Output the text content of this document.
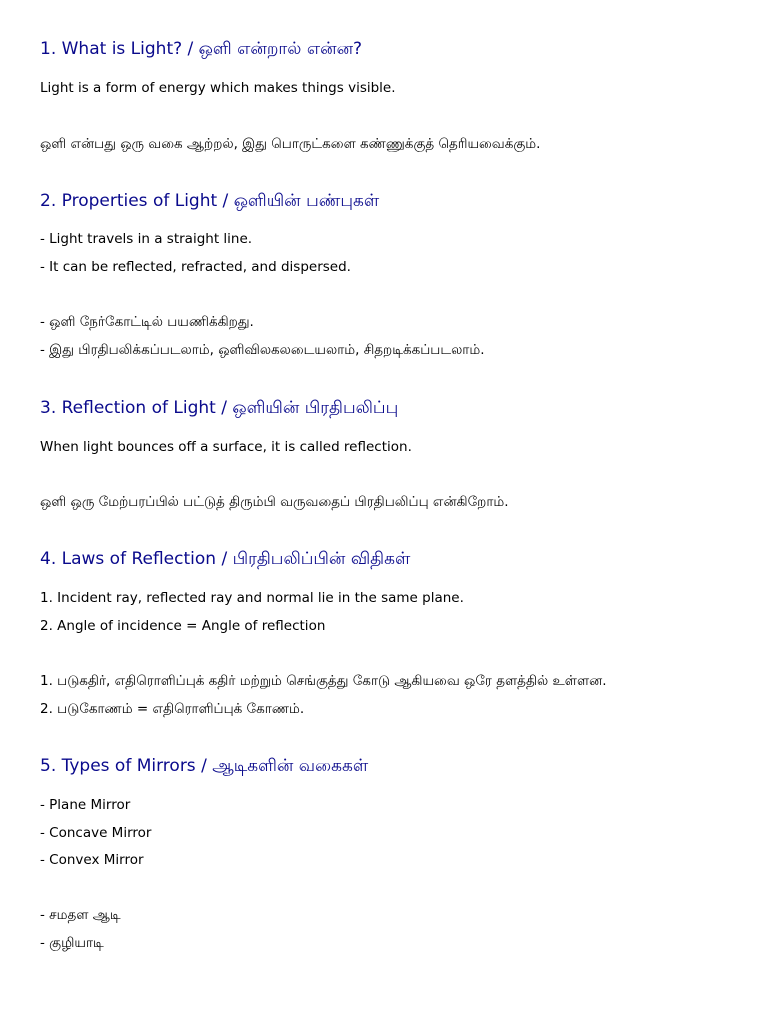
1. What is Light? / ஒளி என்றால் என்ன?

Light is a form of energy which makes things visible.

ஒளி என்பது ஒரு வகை ஆற்றல், இது பொருட்களை கண்ணுக்குத் தெரியவைக்கும்.

2. Properties of Light / ஒளியின் பண்புகள்

- Light travels in a straight line.

- It can be reflected, refracted, and dispersed.

- ஒளி நேர்கோட்டில் பயணிக்கிறது.

- இது பிரதிபலிக்கப்படலாம், ஒளிவிலகலடையலாம், சிதறடிக்கப்படலாம்.

3. Reflection of Light / ஒளியின் பிரதிபலிப்பு

When light bounces off a surface, it is called reflection.

ஒளி ஒரு மேற்பரப்பில் பட்டுத் திரும்பி வருவதைப் பிரதிபலிப்பு என்கிறோம்.

4. Laws of Reflection / பிரதிபலிப்பின் விதிகள்

1. Incident ray, reflected ray and normal lie in the same plane.

2. Angle of incidence = Angle of reflection

1. படுகதிர், எதிரொளிப்புக் கதிர் மற்றும் செங்குத்து கோடு ஆகியவை ஒரே தளத்தில் உள்ளன.

2. படுகோணம் = எதிரொளிப்புக் கோணம்.

5. Types of Mirrors / ஆடிகளின் வகைகள்

- Plane Mirror

- Concave Mirror

- Convex Mirror

- சமதள ஆடி

- குழியாடி
